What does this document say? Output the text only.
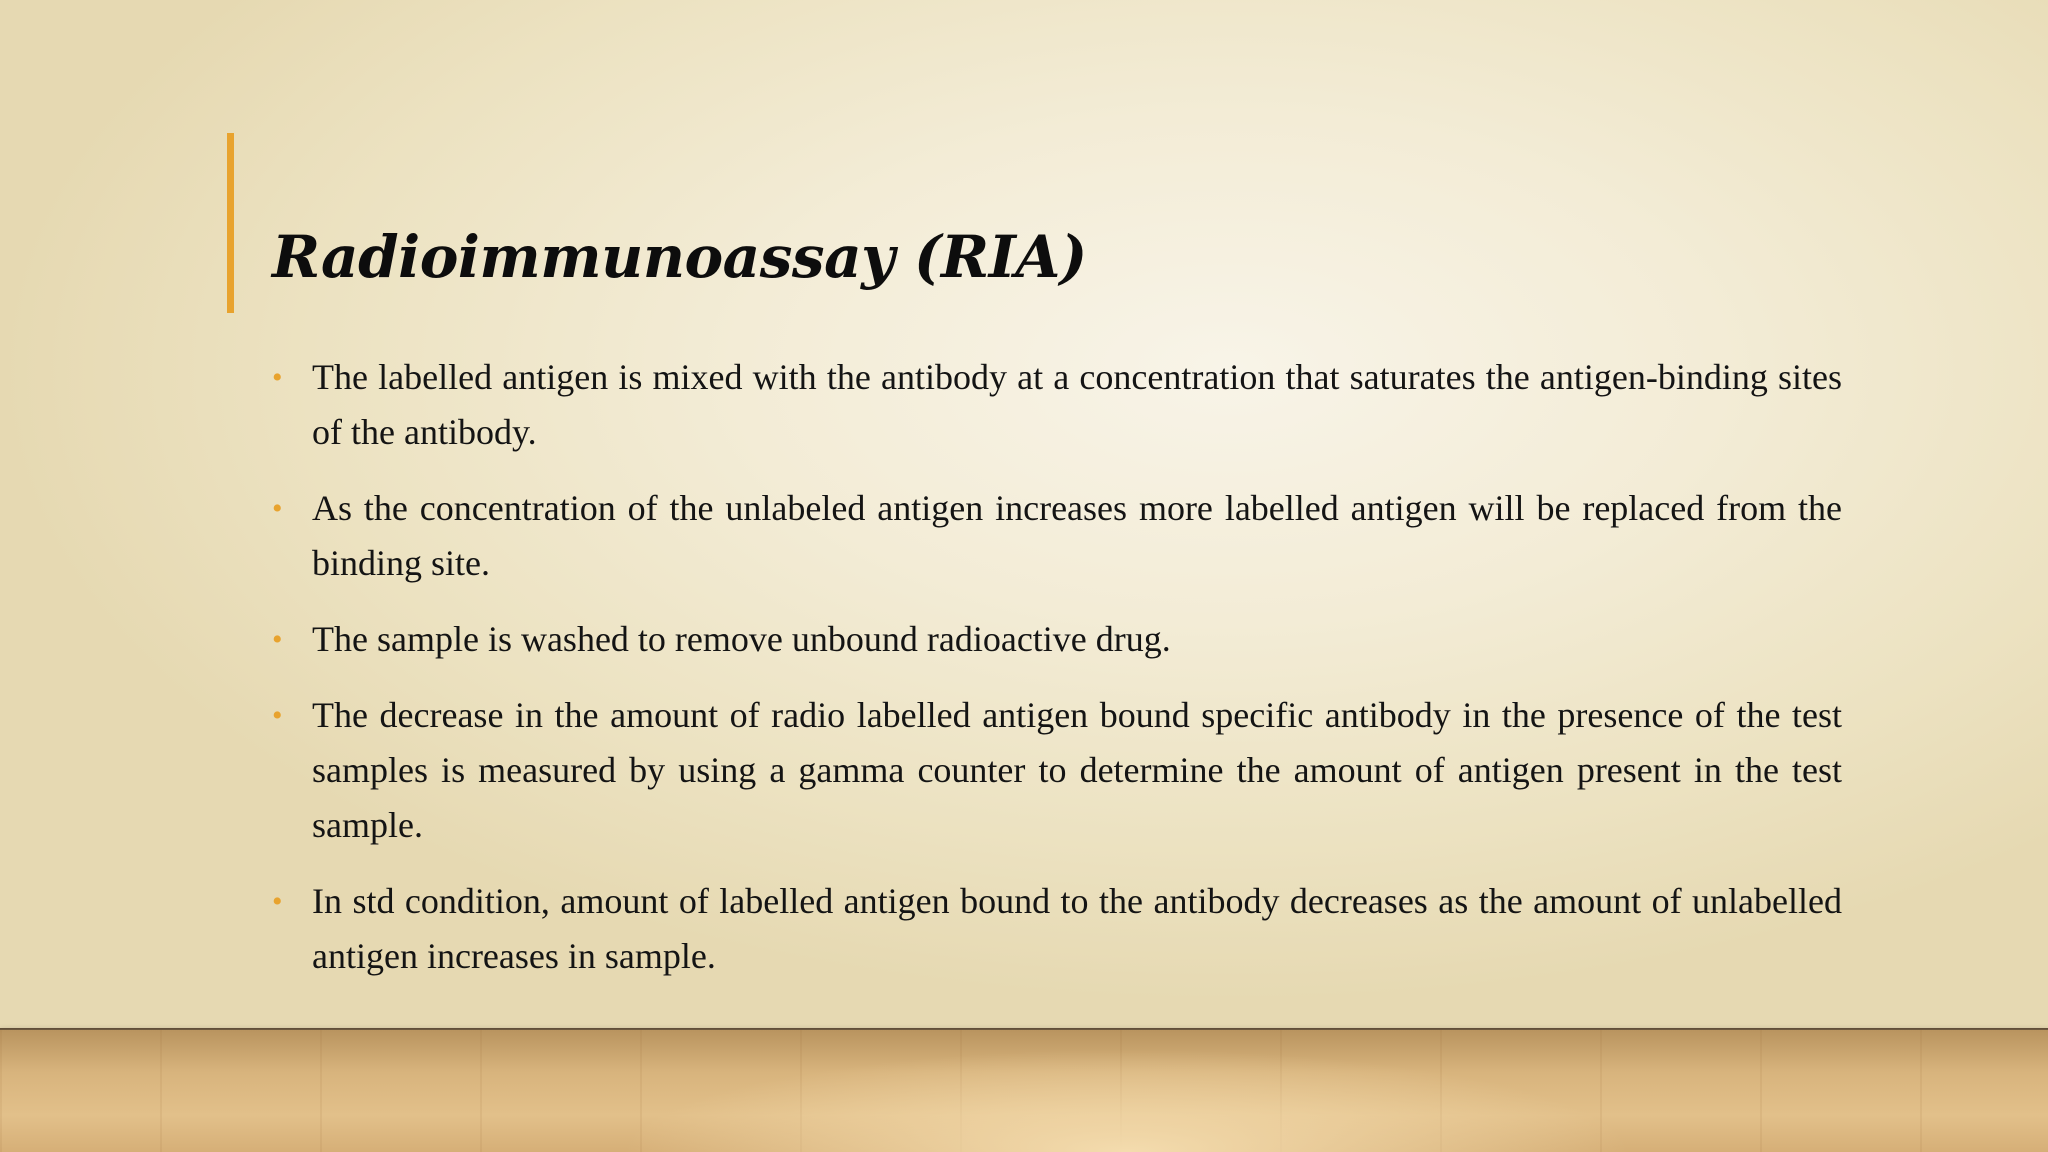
Radioimmunoassay (RIA)
• The labelled antigen is mixed with the antibody at a concentration that saturates the antigen-binding sites of the antibody.
• As the concentration of the unlabeled antigen increases more labelled antigen will be replaced from the binding site.
• The sample is washed to remove unbound radioactive drug.
• The decrease in the amount of radio labelled antigen bound specific antibody in the presence of the test samples is measured by using a gamma counter to determine the amount of antigen present in the test sample.
• In std condition, amount of labelled antigen bound to the antibody decreases as the amount of unlabelled antigen increases in sample.
